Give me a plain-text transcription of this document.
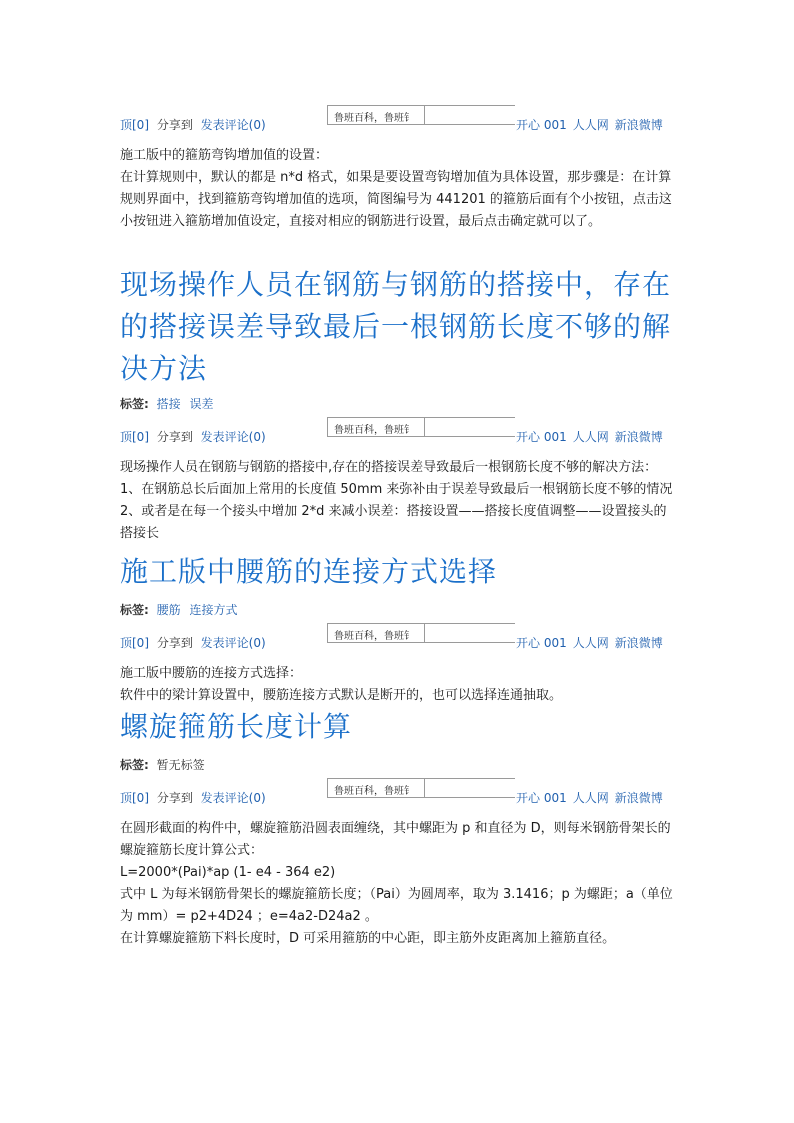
顶[0] 分享到 发表评论(0)	鲁班百科，鲁班钅	开心 001 人人网 新浪微博

施工版中的箍筋弯钩增加值的设置：

在计算规则中，默认的都是 n*d 格式，如果是要设置弯钩增加值为具体设置，那步骤是：在计算规则界面中，找到箍筋弯钩增加值的选项，简图编号为 441201 的箍筋后面有个小按钮，点击这小按钮进入箍筋增加值设定，直接对相应的钢筋进行设置，最后点击确定就可以了。

现场操作人员在钢筋与钢筋的搭接中，存在的搭接误差导致最后一根钢筋长度不够的解决方法
标签: 搭接 误差
顶[0] 分享到 发表评论(0)	鲁班百科，鲁班钅	开心 001 人人网 新浪微博

现场操作人员在钢筋与钢筋的搭接中,存在的搭接误差导致最后一根钢筋长度不够的解决方法：1、在钢筋总长后面加上常用的长度值 50mm 来弥补由于误差导致最后一根钢筋长度不够的情况 2、或者是在每一个接头中增加 2*d 来减小误差：搭接设置——搭接长度值调整——设置接头的搭接长

施工版中腰筋的连接方式选择
标签: 腰筋 连接方式
顶[0] 分享到 发表评论(0)	鲁班百科，鲁班钅	开心 001 人人网 新浪微博

施工版中腰筋的连接方式选择：

软件中的梁计算设置中，腰筋连接方式默认是断开的，也可以选择连通抽取。

螺旋箍筋长度计算
标签: 暂无标签
顶[0] 分享到 发表评论(0)	鲁班百科，鲁班钅	开心 001 人人网 新浪微博

在圆形截面的构件中，螺旋箍筋沿圆表面缠绕，其中螺距为 p 和直径为 D，则每米钢筋骨架长的螺旋箍筋长度计算公式：

L=2000*(Pai)*ap (1- e4 - 364 e2)

式中 L 为每米钢筋骨架长的螺旋箍筋长度；（Pai）为圆周率，取为 3.1416；p 为螺距；a（单位为 mm）= p2+4D24 ；e=4a2-D24a2 。

在计算螺旋箍筋下料长度时，D 可采用箍筋的中心距，即主筋外皮距离加上箍筋直径。
